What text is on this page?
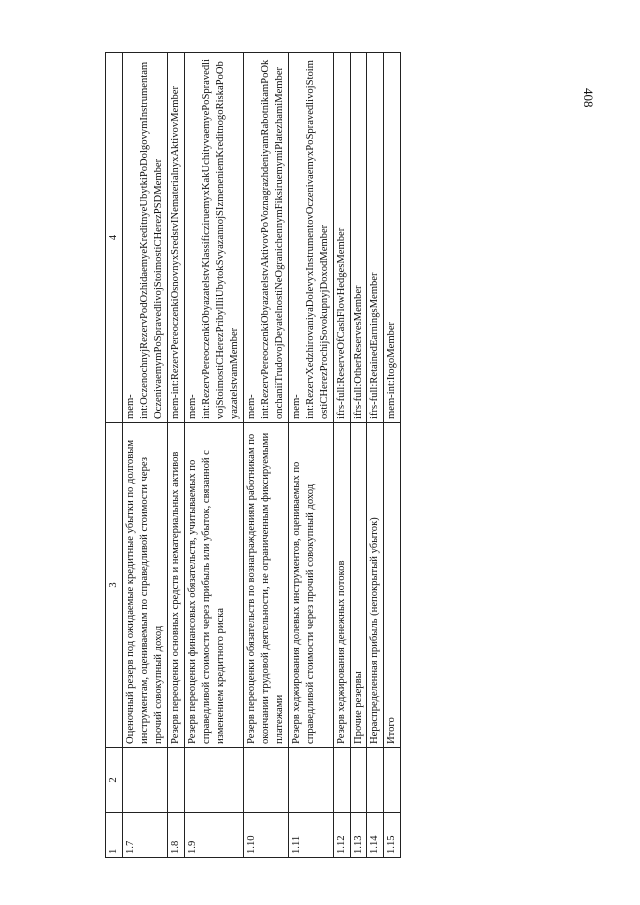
408
1	2	3	4
1.7		Оценочный резерв под ожидаемые кредитные убытки по долговым инструментам, оцениваемым по справедливой стоимости через прочий совокупный доход	mem-int:OczenochnyjRezervPodOzhidaemyeKreditnyeUbytkiPoDolgovymInstrumentamOczenivaemymPoSpravedlivojStoimostiCHerezPSDMember
1.8		Резерв переоценки основных средств и нематериальных активов	mem-int:RezervPereoczenkiOsnovnyxSredstvINematerialnyxAktivovMember
1.9		Резерв переоценки финансовых обязательств, учитываемых по справедливой стоимости через прибыль или убыток, связанной с изменением кредитного риска	mem-int:RezervPereoczenkiObyazatelstvKlassificziruemyxKakUchityvaemyePoSpravedlivojStoimostiCHerezPribylIliUbytokSvyazannojSIzmeneniemKreditnogoRiskaPoObyazatelstvamMember
1.10		Резерв переоценки обязательств по вознаграждениям работникам по окончании трудовой деятельности, не ограниченным фиксируемыми платежами	mem-int:RezervPereoczenkiObyazatelstvAktivovPoVoznagrazhdeniyamRabotnikamPoOkonchaniiTrudovojDeyatelnostiNeOgranichennymFiksiruemymiPlatezhamiMember
1.11		Резерв хеджирования долевых инструментов, оцениваемых по справедливой стоимости через прочий совокупный доход	mem-int:RezervXedzhirovaniyaDolevyxInstrumentovOczenivaemyxPoSpravedlivojStoimostiCHerezProchijSovokupnyjDoxodMember
1.12		Резерв хеджирования денежных потоков	ifrs-full:ReserveOfCashFlowHedgesMember
1.13		Прочие резервы	ifrs-full:OtherReservesMember
1.14		Нераспределенная прибыль (непокрытый убыток)	ifrs-full:RetainedEarningsMember
1.15		Итого	mem-int:ItogoMember
